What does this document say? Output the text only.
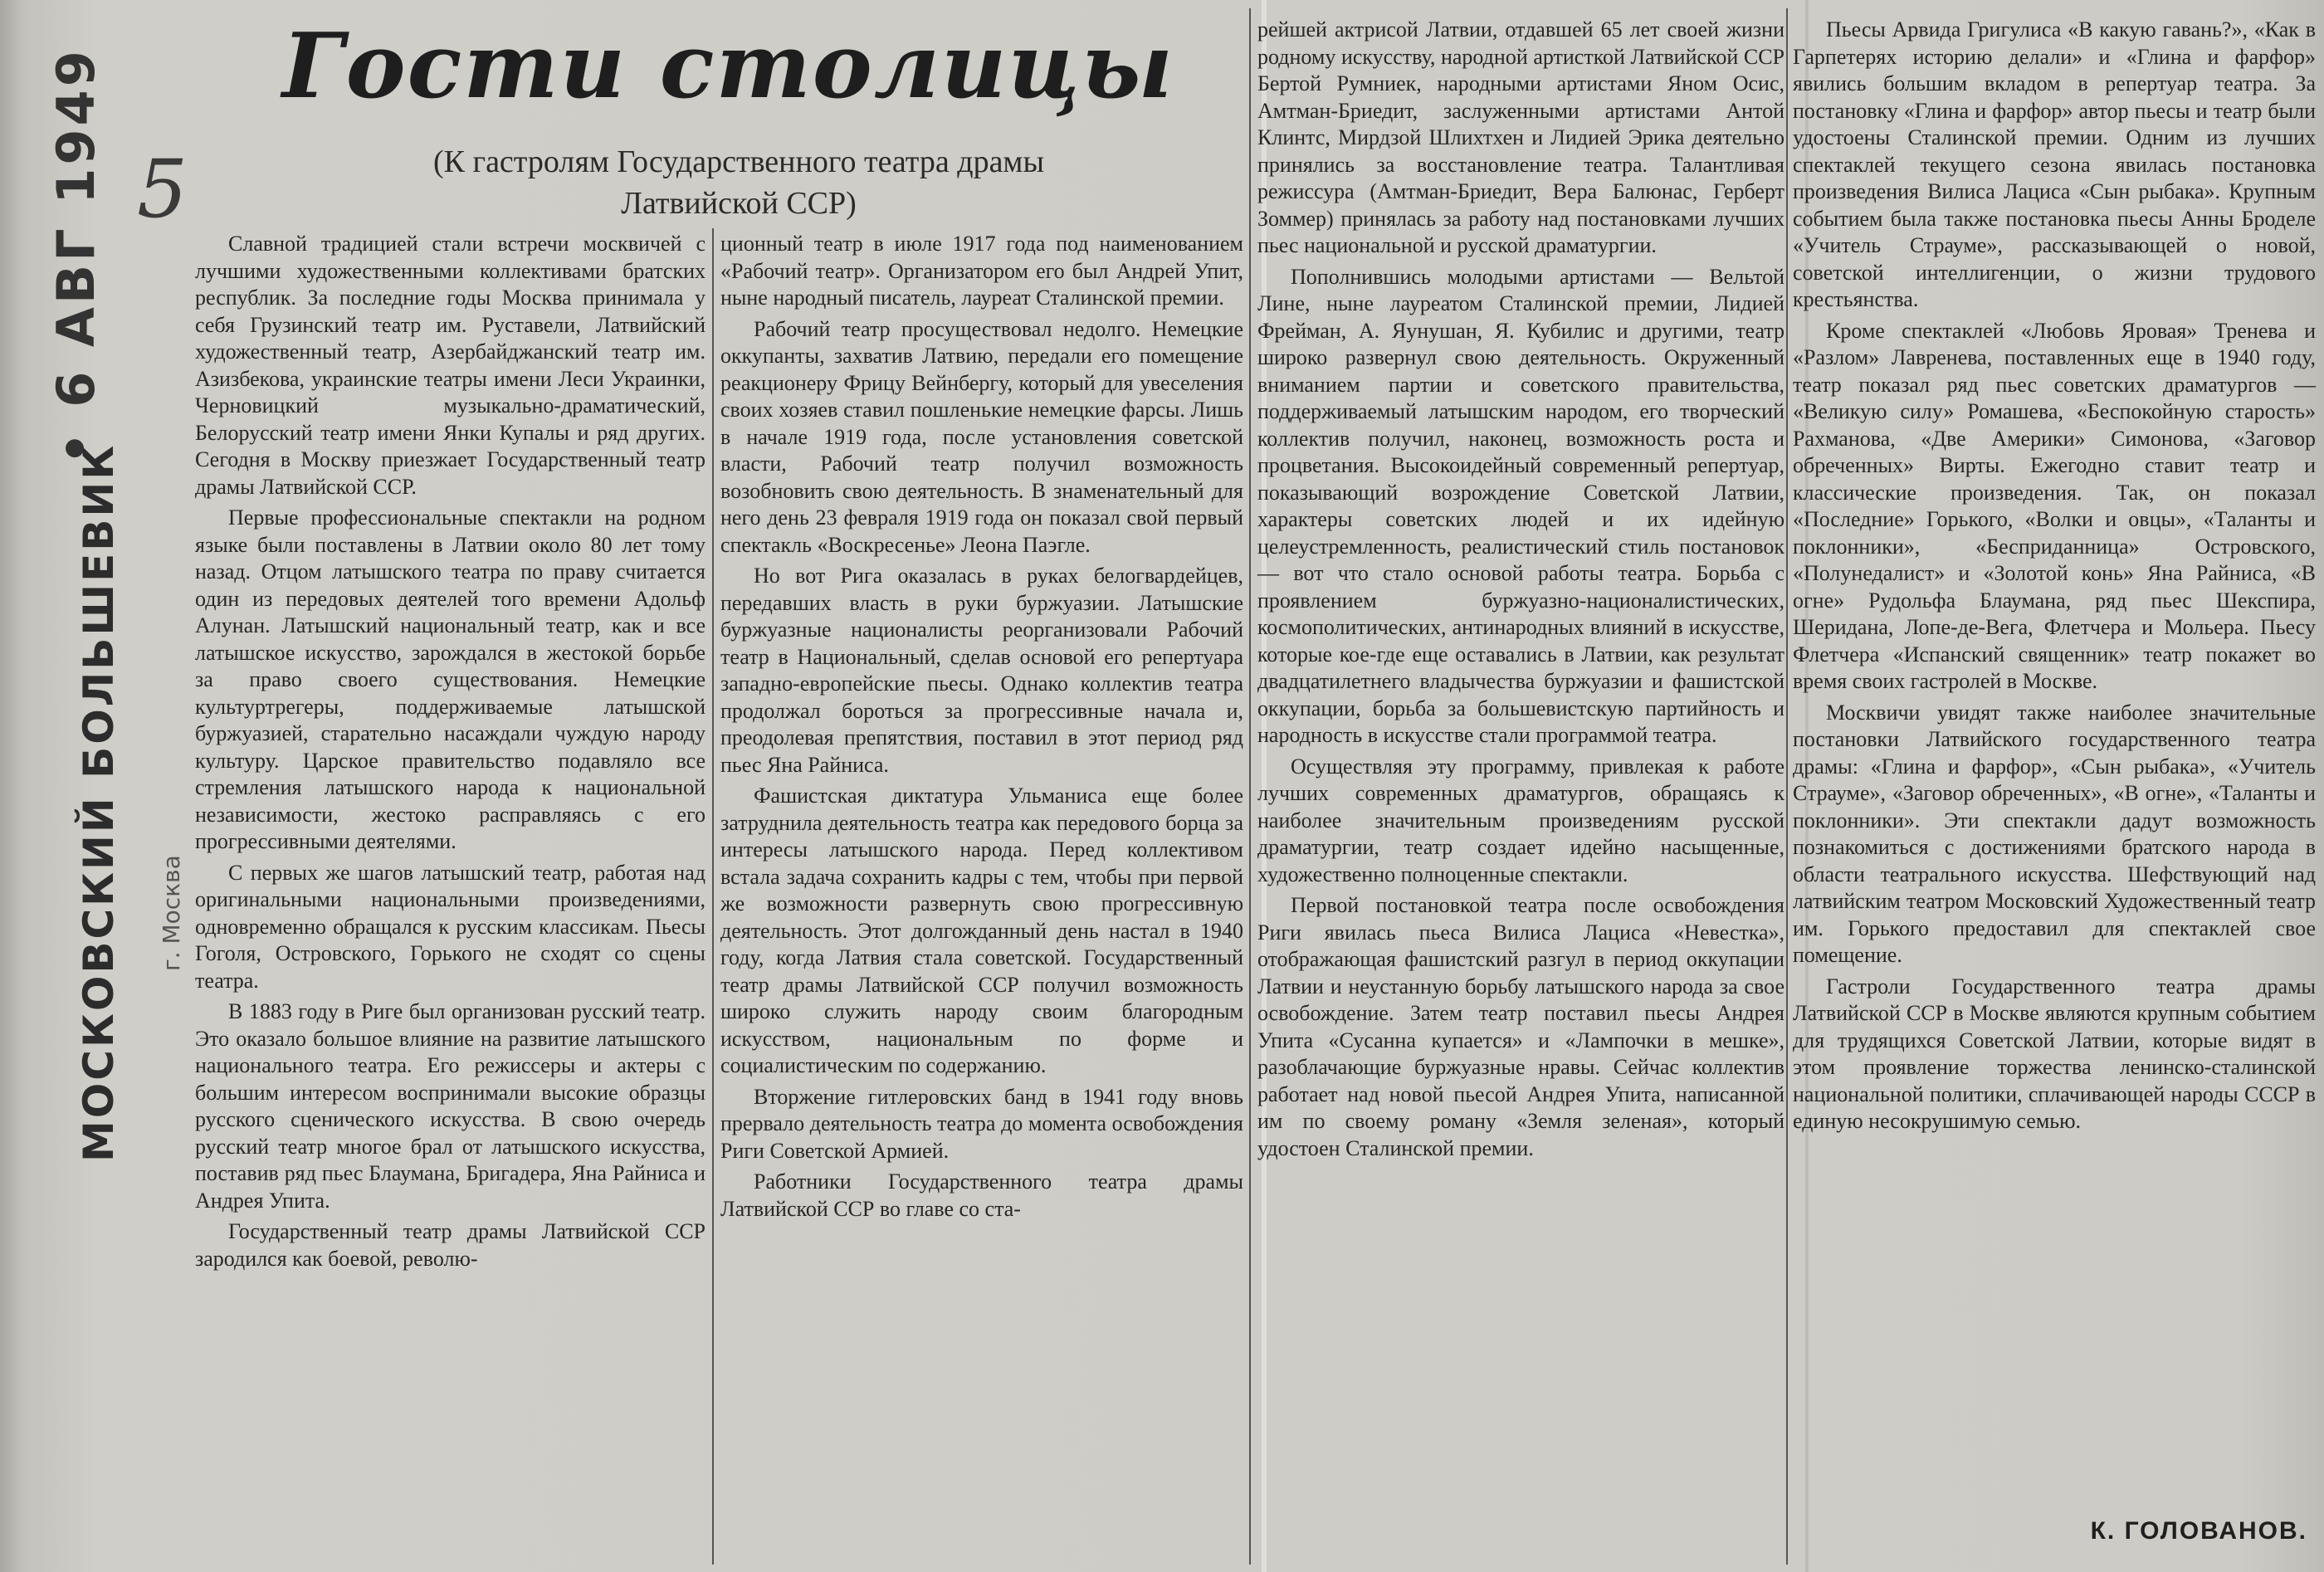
5
• 6 АВГ 1949
МОСКОВСКИЙ БОЛЬШЕВИК	г. Москва
Гости столицы
(К гастролям Государственного театра драмы
Латвийской ССР)

Славной традицией стали встречи москвичей с лучшими художественными коллективами братских республик. За последние годы Москва принимала у себя Грузинский театр им. Руставели, Латвийский художественный театр, Азербайджанский театр им. Азизбекова, украинские театры имени Леси Украинки, Черновицкий музыкально-драматический, Белорусский театр имени Янки Купалы и ряд других. Сегодня в Москву приезжает Государственный театр драмы Латвийской ССР.

Первые профессиональные спектакли на родном языке были поставлены в Латвии около 80 лет тому назад. Отцом латышского театра по праву считается один из передовых деятелей того времени Адольф Алунан. Латышский национальный театр, как и все латышское искусство, зарождался в жестокой борьбе за право своего существования. Немецкие культуртрегеры, поддерживаемые латышской буржуазией, старательно насаждали чуждую народу культуру. Царское правительство подавляло все стремления латышского народа к национальной независимости, жестоко расправляясь с его прогрессивными деятелями.

С первых же шагов латышский театр, работая над оригинальными национальными произведениями, одновременно обращался к русским классикам. Пьесы Гоголя, Островского, Горького не сходят со сцены театра.

В 1883 году в Риге был организован русский театр. Это оказало большое влияние на развитие латышского национального театра. Его режиссеры и актеры с большим интересом воспринимали высокие образцы русского сценического искусства. В свою очередь русский театр многое брал от латышского искусства, поставив ряд пьес Блаумана, Бригадера, Яна Райниса и Андрея Упита.

Государственный театр драмы Латвийской ССР зародился как боевой, револю-

ционный театр в июле 1917 года под наименованием «Рабочий театр». Организатором его был Андрей Упит, ныне народный писатель, лауреат Сталинской премии.

Рабочий театр просуществовал недолго. Немецкие оккупанты, захватив Латвию, передали его помещение реакционеру Фрицу Вейнбергу, который для увеселения своих хозяев ставил пошленькие немецкие фарсы. Лишь в начале 1919 года, после установления советской власти, Рабочий театр получил возможность возобновить свою деятельность. В знаменательный для него день 23 февраля 1919 года он показал свой первый спектакль «Воскресенье» Леона Паэгле.

Но вот Рига оказалась в руках белогвардейцев, передавших власть в руки буржуазии. Латышские буржуазные националисты реорганизовали Рабочий театр в Национальный, сделав основой его репертуара западно-европейские пьесы. Однако коллектив театра продолжал бороться за прогрессивные начала и, преодолевая препятствия, поставил в этот период ряд пьес Яна Райниса.

Фашистская диктатура Ульманиса еще более затруднила деятельность театра как передового борца за интересы латышского народа. Перед коллективом встала задача сохранить кадры с тем, чтобы при первой же возможности развернуть свою прогрессивную деятельность. Этот долгожданный день настал в 1940 году, когда Латвия стала советской. Государственный театр драмы Латвийской ССР получил возможность широко служить народу своим благородным искусством, национальным по форме и социалистическим по содержанию.

Вторжение гитлеровских банд в 1941 году вновь прервало деятельность театра до момента освобождения Риги Советской Армией.

Работники Государственного театра драмы Латвийской ССР во главе со ста-

рейшей актрисой Латвии, отдавшей 65 лет своей жизни родному искусству, народной артисткой Латвийской ССР Бертой Румниек, народными артистами Яном Осис, Амтман-Бриедит, заслуженными артистами Антой Клинтс, Мирдзой Шлихтхен и Лидией Эрика деятельно принялись за восстановление театра. Талантливая режиссура (Амтман-Бриедит, Вера Балюнас, Герберт Зоммер) принялась за работу над постановками лучших пьес национальной и русской драматургии.

Пополнившись молодыми артистами — Вельтой Лине, ныне лауреатом Сталинской премии, Лидией Фрейман, А. Яунушан, Я. Кубилис и другими, театр широко развернул свою деятельность. Окруженный вниманием партии и советского правительства, поддерживаемый латышским народом, его творческий коллектив получил, наконец, возможность роста и процветания. Высокоидейный современный репертуар, показывающий возрождение Советской Латвии, характеры советских людей и их идейную целеустремленность, реалистический стиль постановок — вот что стало основой работы театра. Борьба с проявлением буржуазно-националистических, космополитических, антинародных влияний в искусстве, которые кое-где еще оставались в Латвии, как результат двадцатилетнего владычества буржуазии и фашистской оккупации, борьба за большевистскую партийность и народность в искусстве стали программой театра.

Осуществляя эту программу, привлекая к работе лучших современных драматургов, обращаясь к наиболее значительным произведениям русской драматургии, театр создает идейно насыщенные, художественно полноценные спектакли.

Первой постановкой театра после освобождения Риги явилась пьеса Вилиса Лациса «Невестка», отображающая фашистский разгул в период оккупации Латвии и неустанную борьбу латышского народа за свое освобождение. Затем театр поставил пьесы Андрея Упита «Сусанна купается» и «Лампочки в мешке», разоблачающие буржуазные нравы. Сейчас коллектив работает над новой пьесой Андрея Упита, написанной им по своему роману «Земля зеленая», который удостоен Сталинской премии.

Пьесы Арвида Григулиса «В какую гавань?», «Как в Гарпетерях историю делали» и «Глина и фарфор» явились большим вкладом в репертуар театра. За постановку «Глина и фарфор» автор пьесы и театр были удостоены Сталинской премии. Одним из лучших спектаклей текущего сезона явилась постановка произведения Вилиса Лациса «Сын рыбака». Крупным событием была также постановка пьесы Анны Броделе «Учитель Страуме», рассказывающей о новой, советской интеллигенции, о жизни трудового крестьянства.

Кроме спектаклей «Любовь Яровая» Тренева и «Разлом» Лавренева, поставленных еще в 1940 году, театр показал ряд пьес советских драматургов — «Великую силу» Ромашева, «Беспокойную старость» Рахманова, «Две Америки» Симонова, «Заговор обреченных» Вирты. Ежегодно ставит театр и классические произведения. Так, он показал «Последние» Горького, «Волки и овцы», «Таланты и поклонники», «Бесприданница» Островского, «Полунедалист» и «Золотой конь» Яна Райниса, «В огне» Рудольфа Блаумана, ряд пьес Шекспира, Шеридана, Лопе-де-Вега, Флетчера и Мольера. Пьесу Флетчера «Испанский священник» театр покажет во время своих гастролей в Москве.

Москвичи увидят также наиболее значительные постановки Латвийского государственного театра драмы: «Глина и фарфор», «Сын рыбака», «Учитель Страуме», «Заговор обреченных», «В огне», «Таланты и поклонники». Эти спектакли дадут возможность познакомиться с достижениями братского народа в области театрального искусства. Шефствующий над латвийским театром Московский Художественный театр им. Горького предоставил для спектаклей свое помещение.

Гастроли Государственного театра драмы Латвийской ССР в Москве являются крупным событием для трудящихся Советской Латвии, которые видят в этом проявление торжества ленинско-сталинской национальной политики, сплачивающей народы СССР в единую несокрушимую семью.

К. ГОЛОВАНОВ.
